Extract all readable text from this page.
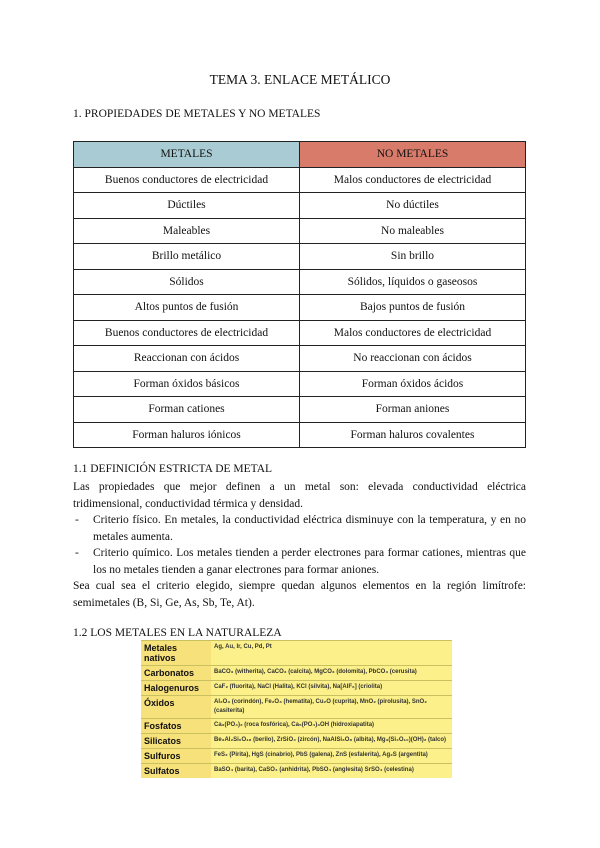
TEMA 3. ENLACE METÁLICO
1. PROPIEDADES DE METALES Y NO METALES
METALES	NO METALES
Buenos conductores de electricidad	Malos conductores de electricidad
Dúctiles	No dúctiles
Maleables	No maleables
Brillo metálico	Sin brillo
Sólidos	Sólidos, líquidos o gaseosos
Altos puntos de fusión	Bajos puntos de fusión
Buenos conductores de electricidad	Malos conductores de electricidad
Reaccionan con ácidos	No reaccionan con ácidos
Forman óxidos básicos	Forman óxidos ácidos
Forman cationes	Forman aniones
Forman haluros iónicos	Forman haluros covalentes
1.1 DEFINICIÓN ESTRICTA DE METAL

Las propiedades que mejor definen a un metal son: elevada conductividad eléctrica tridimensional, conductividad térmica y densidad.

- Criterio físico. En metales, la conductividad eléctrica disminuye con la temperatura, y en no metales aumenta.

- Criterio químico. Los metales tienden a perder electrones para formar cationes, mientras que los no metales tienden a ganar electrones para formar aniones.

Sea cual sea el criterio elegido, siempre quedan algunos elementos en la región limítrofe: semimetales (B, Si, Ge, As, Sb, Te, At).

1.2 LOS METALES EN LA NATURALEZA
Metales nativos	Ag, Au, Ir, Cu, Pd, Pt
Carbonatos	BaCO₃ (witherita), CaCO₃ (calcita), MgCO₃ (dolomita), PbCO₃ (cerusita)
Halogenuros	CaF₂ (fluorita), NaCl (Halita), KCl (silvita), Na[AlF₆] (criolita)
Óxidos	Al₂O₃ (corindón), Fe₂O₃ (hematita), Cu₂O (cuprita), MnO₂ (pirolusita), SnO₂ (casiterita)
Fosfatos	Ca₃(PO₄)₂ (roca fosfórica), Ca₅(PO₄)₃OH (hidroxiapatita)
Silicatos	Be₃Al₂Si₆O₁₈ (berilo), ZrSiO₄ (zircón), NaAlSi₃O₈ (albita), Mg₃(Si₄O₁₀)(OH)₂ (talco)
Sulfuros	FeS₂ (Pirita), HgS (cinabrio), PbS (galena), ZnS (esfalerita), Ag₂S (argentita)
Sulfatos	BaSO₄ (barita), CaSO₄ (anhidrita), PbSO₄ (anglesita) SrSO₄ (celestina)
